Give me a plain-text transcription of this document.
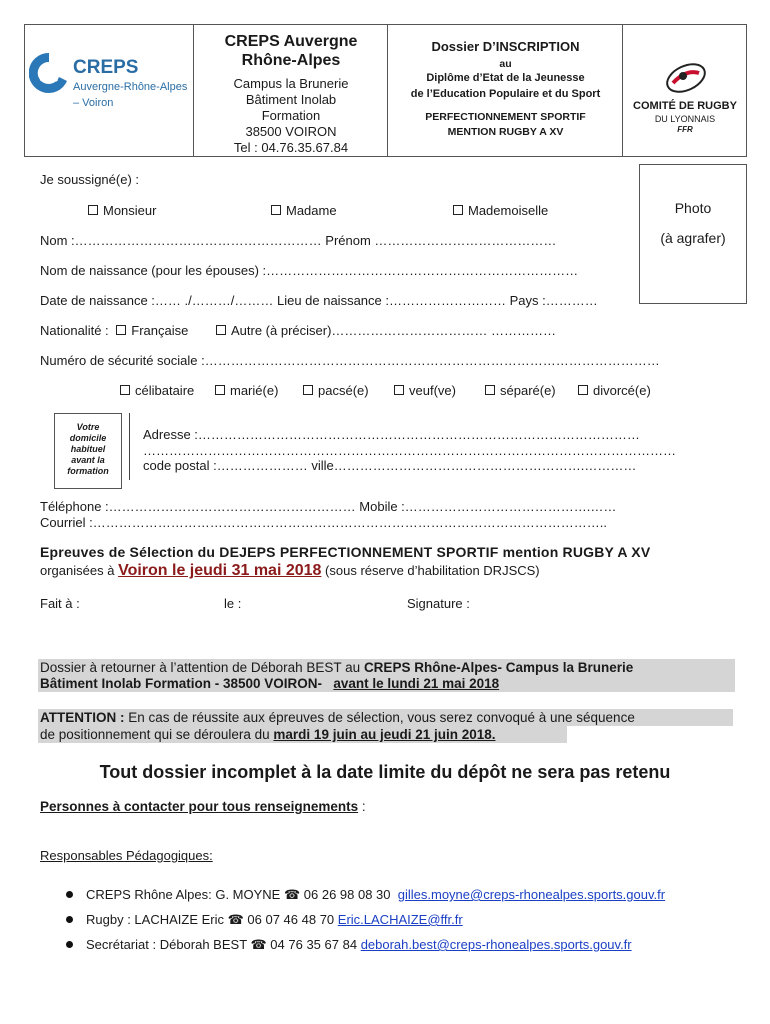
CREPS
Auvergne-Rhône-Alpes
– Voiron
CREPS Auvergne
Rhône-Alpes
Campus la Brunerie
Bâtiment Inolab
Formation
38500 VOIRON
Tel : 04.76.35.67.84
Dossier D’INSCRIPTION
au
Diplôme d’Etat de la Jeunesse
de l’Education Populaire et du Sport
PERFECTIONNEMENT SPORTIF
MENTION RUGBY A XV
COMITÉ DE RUGBY
DU LYONNAIS
FFR
Photo
(à agrafer)
Je soussigné(e) :
Monsieur	Madame	Mademoiselle
Nom :………………………………………………… Prénom ……………………………………
Nom de naissance (pour les épouses) :………………………………………………………………
Date de naissance :…… ./………/……… Lieu de naissance :……………………… Pays :…………
Nationalité : Française	Autre (à préciser)……………………………… ……………
Numéro de sécurité sociale :……………………………………………………………………………………………
célibataire	marié(e)	pacsé(e)	veuf(ve)	séparé(e)	divorcé(e)
Votre
domicile
habituel
avant la
formation
Adresse :…………………………………………………………………………………………
……………………………………………………………………………………………………………
code postal :………………… ville………………………………………………….…………
Téléphone :………………………………………………… Mobile :…………………………………….……
Courriel :………………………………………………………………………………………………………..
Epreuves de Sélection du DEJEPS PERFECTIONNEMENT SPORTIF mention RUGBY A XV
organisées à Voiron le jeudi 31 mai 2018 (sous réserve d’habilitation DRJSCS)
Fait à :	le :	Signature :
Dossier à retourner à l’attention de Déborah BEST au CREPS Rhône-Alpes- Campus la Brunerie
Bâtiment Inolab Formation - 38500 VOIRON- avant le lundi 21 mai 2018
ATTENTION : En cas de réussite aux épreuves de sélection, vous serez convoqué à une séquence
de positionnement qui se déroulera du mardi 19 juin au jeudi 21 juin 2018.
Tout dossier incomplet à la date limite du dépôt ne sera pas retenu
Personnes à contacter pour tous renseignements :
Responsables Pédagogiques:
CREPS Rhône Alpes: G. MOYNE ☎ 06 26 98 08 30 gilles.moyne@creps-rhonealpes.sports.gouv.fr
Rugby : LACHAIZE Eric ☎ 06 07 46 48 70 Eric.LACHAIZE@ffr.fr
Secrétariat : Déborah BEST ☎ 04 76 35 67 84 deborah.best@creps-rhonealpes.sports.gouv.fr
